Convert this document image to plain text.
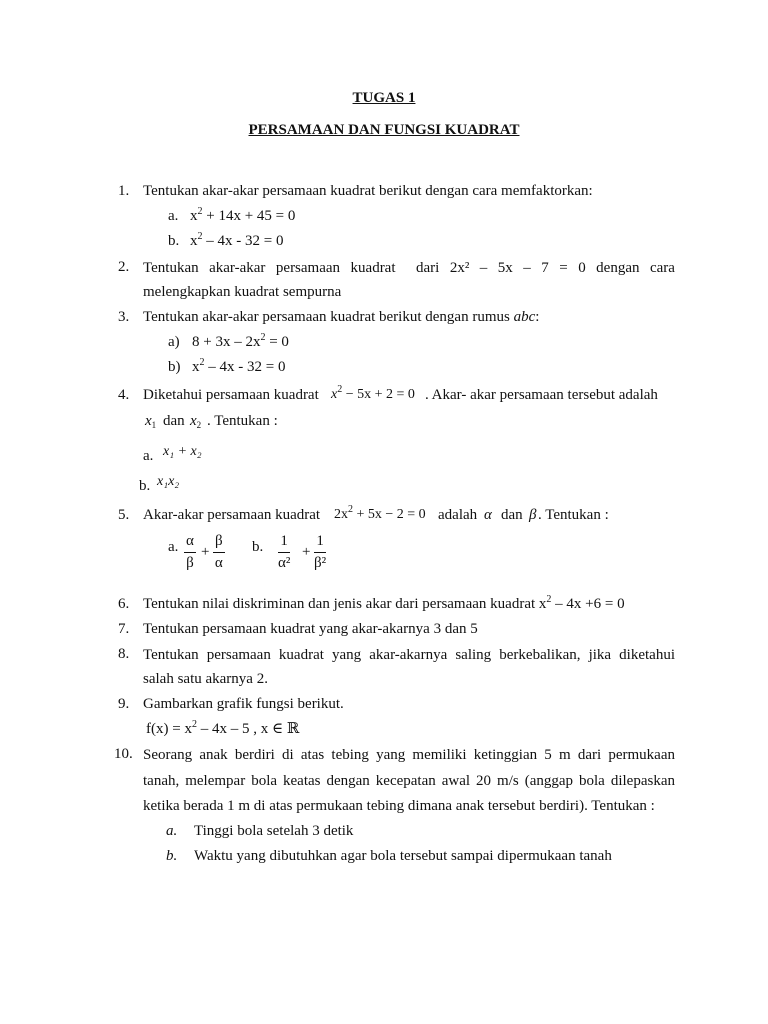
TUGAS 1
PERSAMAAN DAN FUNGSI KUADRAT
1. Tentukan akar-akar persamaan kuadrat berikut dengan cara memfaktorkan:
a. $x^2 + 14x + 45 = 0$
b. $x^2 - 4x - 32 = 0$
2. Tentukan akar-akar persamaan kuadrat dari 2x² – 5x – 7 = 0 dengan cara
melengkapkan kuadrat sempurna
3. Tentukan akar-akar persamaan kuadrat berikut dengan rumus abc:
a) $8 + 3x - 2x^2 = 0$
b) $x^2 - 4x - 32 = 0$
4. Diketahui persamaan kuadrat $x^2 - 5x + 2 = 0$ . Akar- akar persamaan tersebut adalah
$x_1$ dan $x_2$ . Tentukan :
a. x₁ + x₂
b. x₁x₂
5. Akar-akar persamaan kuadrat $2x^2 + 5x - 2 = 0$ adalah α dan β . Tentukan :
a. $\frac{\alpha}{\beta} + \frac{\beta}{\alpha} b$. $\frac{1}{\text{α²}} + \frac{1}{\text{β²}}$
6. Tentukan nilai diskriminan dan jenis akar dari persamaan kuadrat $x^2 - 4x +6 = 0$
7. Tentukan persamaan kuadrat yang akar-akarnya 3 dan 5
8. Tentukan persamaan kuadrat yang akar-akarnya saling berkebalikan, jika diketahui
salah satu akarnya 2.
9. Gambarkan grafik fungsi berikut.
$f(x) = x^2 - 4x - 5$ , x ∈ ℝ
10. Seorang anak berdiri di atas tebing yang memiliki ketinggian 5 m dari permukaan
tanah, melempar bola keatas dengan kecepatan awal 20 m/s (anggap bola dilepaskan
ketika berada 1 m di atas permukaan tebing dimana anak tersebut berdiri). Tentukan :
a. Tinggi bola setelah 3 detik
b. Waktu yang dibutuhkan agar bola tersebut sampai dipermukaan tanah
